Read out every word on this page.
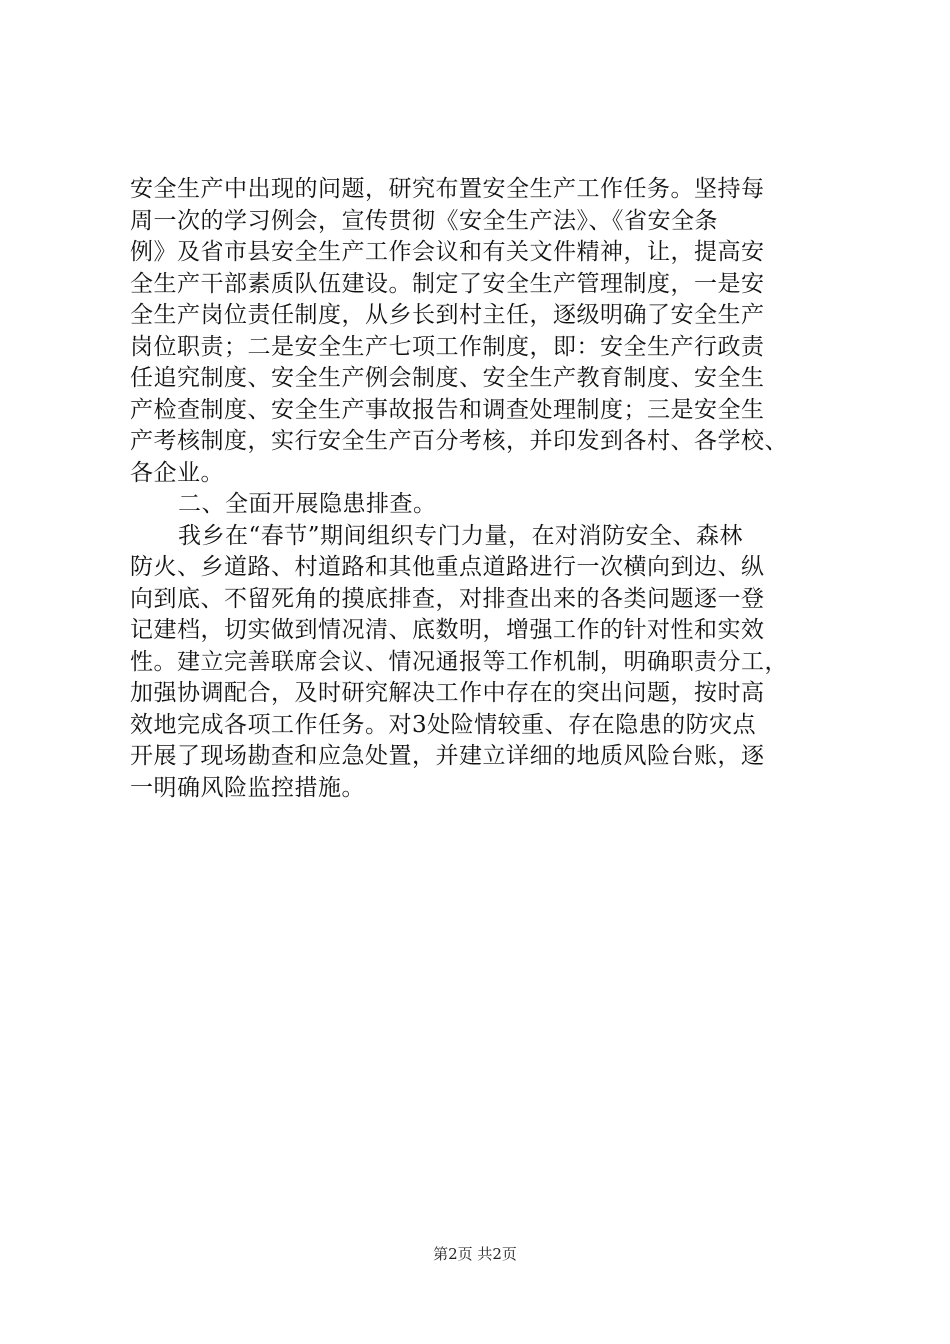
安全生产中出现的问题，研究布置安全生产工作任务。坚持每
周一次的学习例会，宣传贯彻《安全生产法》、《省安全条
例》及省市县安全生产工作会议和有关文件精神，让，提高安
全生产干部素质队伍建设。制定了安全生产管理制度，一是安
全生产岗位责任制度，从乡长到村主任，逐级明确了安全生产
岗位职责；二是安全生产七项工作制度，即：安全生产行政责
任追究制度、安全生产例会制度、安全生产教育制度、安全生
产检查制度、安全生产事故报告和调查处理制度；三是安全生
产考核制度，实行安全生产百分考核，并印发到各村、各学校、
各企业。
二、全面开展隐患排查。
我乡在“春节”期间组织专门力量，在对消防安全、森林
防火、乡道路、村道路和其他重点道路进行一次横向到边、纵
向到底、不留死角的摸底排查，对排查出来的各类问题逐一登
记建档，切实做到情况清、底数明，增强工作的针对性和实效
性。建立完善联席会议、情况通报等工作机制，明确职责分工，
加强协调配合，及时研究解决工作中存在的突出问题，按时高
效地完成各项工作任务。对3处险情较重、存在隐患的防灾点
开展了现场勘查和应急处置，并建立详细的地质风险台账，逐
一明确风险监控措施。
第2页 共2页
